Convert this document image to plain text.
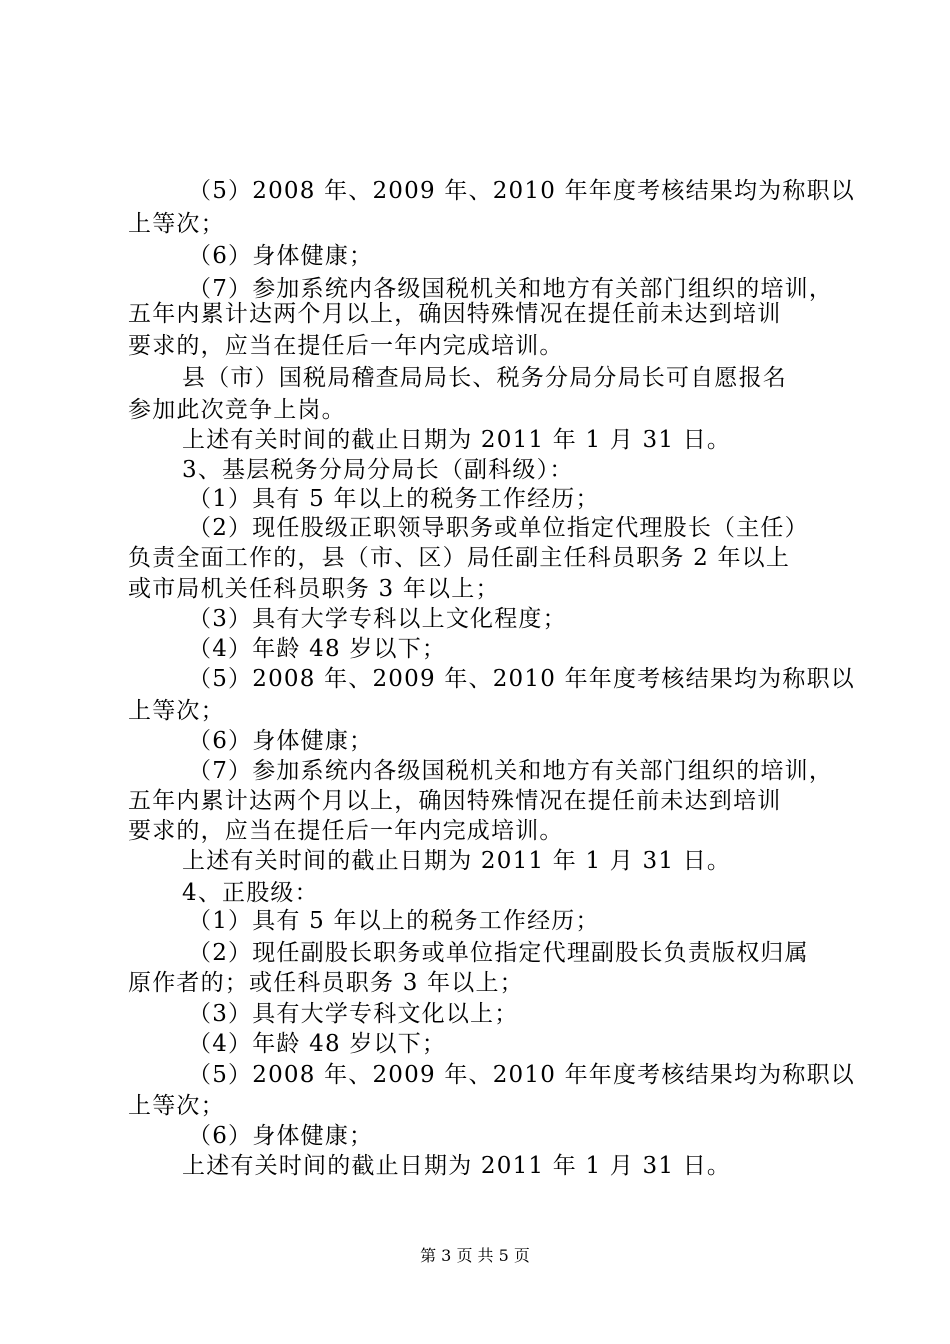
（5）2008 年、2009 年、2010 年年度考核结果均为称职以
上等次；
（6）身体健康；
（7）参加系统内各级国税机关和地方有关部门组织的培训，
五年内累计达两个月以上，确因特殊情况在提任前未达到培训
要求的，应当在提任后一年内完成培训。
县（市）国税局稽查局局长、税务分局分局长可自愿报名
参加此次竞争上岗。
上述有关时间的截止日期为 2011 年 1 月 31 日。
3、基层税务分局分局长（副科级）：
（1）具有 5 年以上的税务工作经历；
（2）现任股级正职领导职务或单位指定代理股长（主任）
负责全面工作的，县（市、区）局任副主任科员职务 2 年以上
或市局机关任科员职务 3 年以上；
（3）具有大学专科以上文化程度；
（4）年龄 48 岁以下；
（5）2008 年、2009 年、2010 年年度考核结果均为称职以
上等次；
（6）身体健康；
（7）参加系统内各级国税机关和地方有关部门组织的培训，
五年内累计达两个月以上，确因特殊情况在提任前未达到培训
要求的，应当在提任后一年内完成培训。
上述有关时间的截止日期为 2011 年 1 月 31 日。
4、正股级：
（1）具有 5 年以上的税务工作经历；
（2）现任副股长职务或单位指定代理副股长负责版权归属
原作者的；或任科员职务 3 年以上；
（3）具有大学专科文化以上；
（4）年龄 48 岁以下；
（5）2008 年、2009 年、2010 年年度考核结果均为称职以
上等次；
（6）身体健康；
上述有关时间的截止日期为 2011 年 1 月 31 日。
第 3 页 共 5 页
